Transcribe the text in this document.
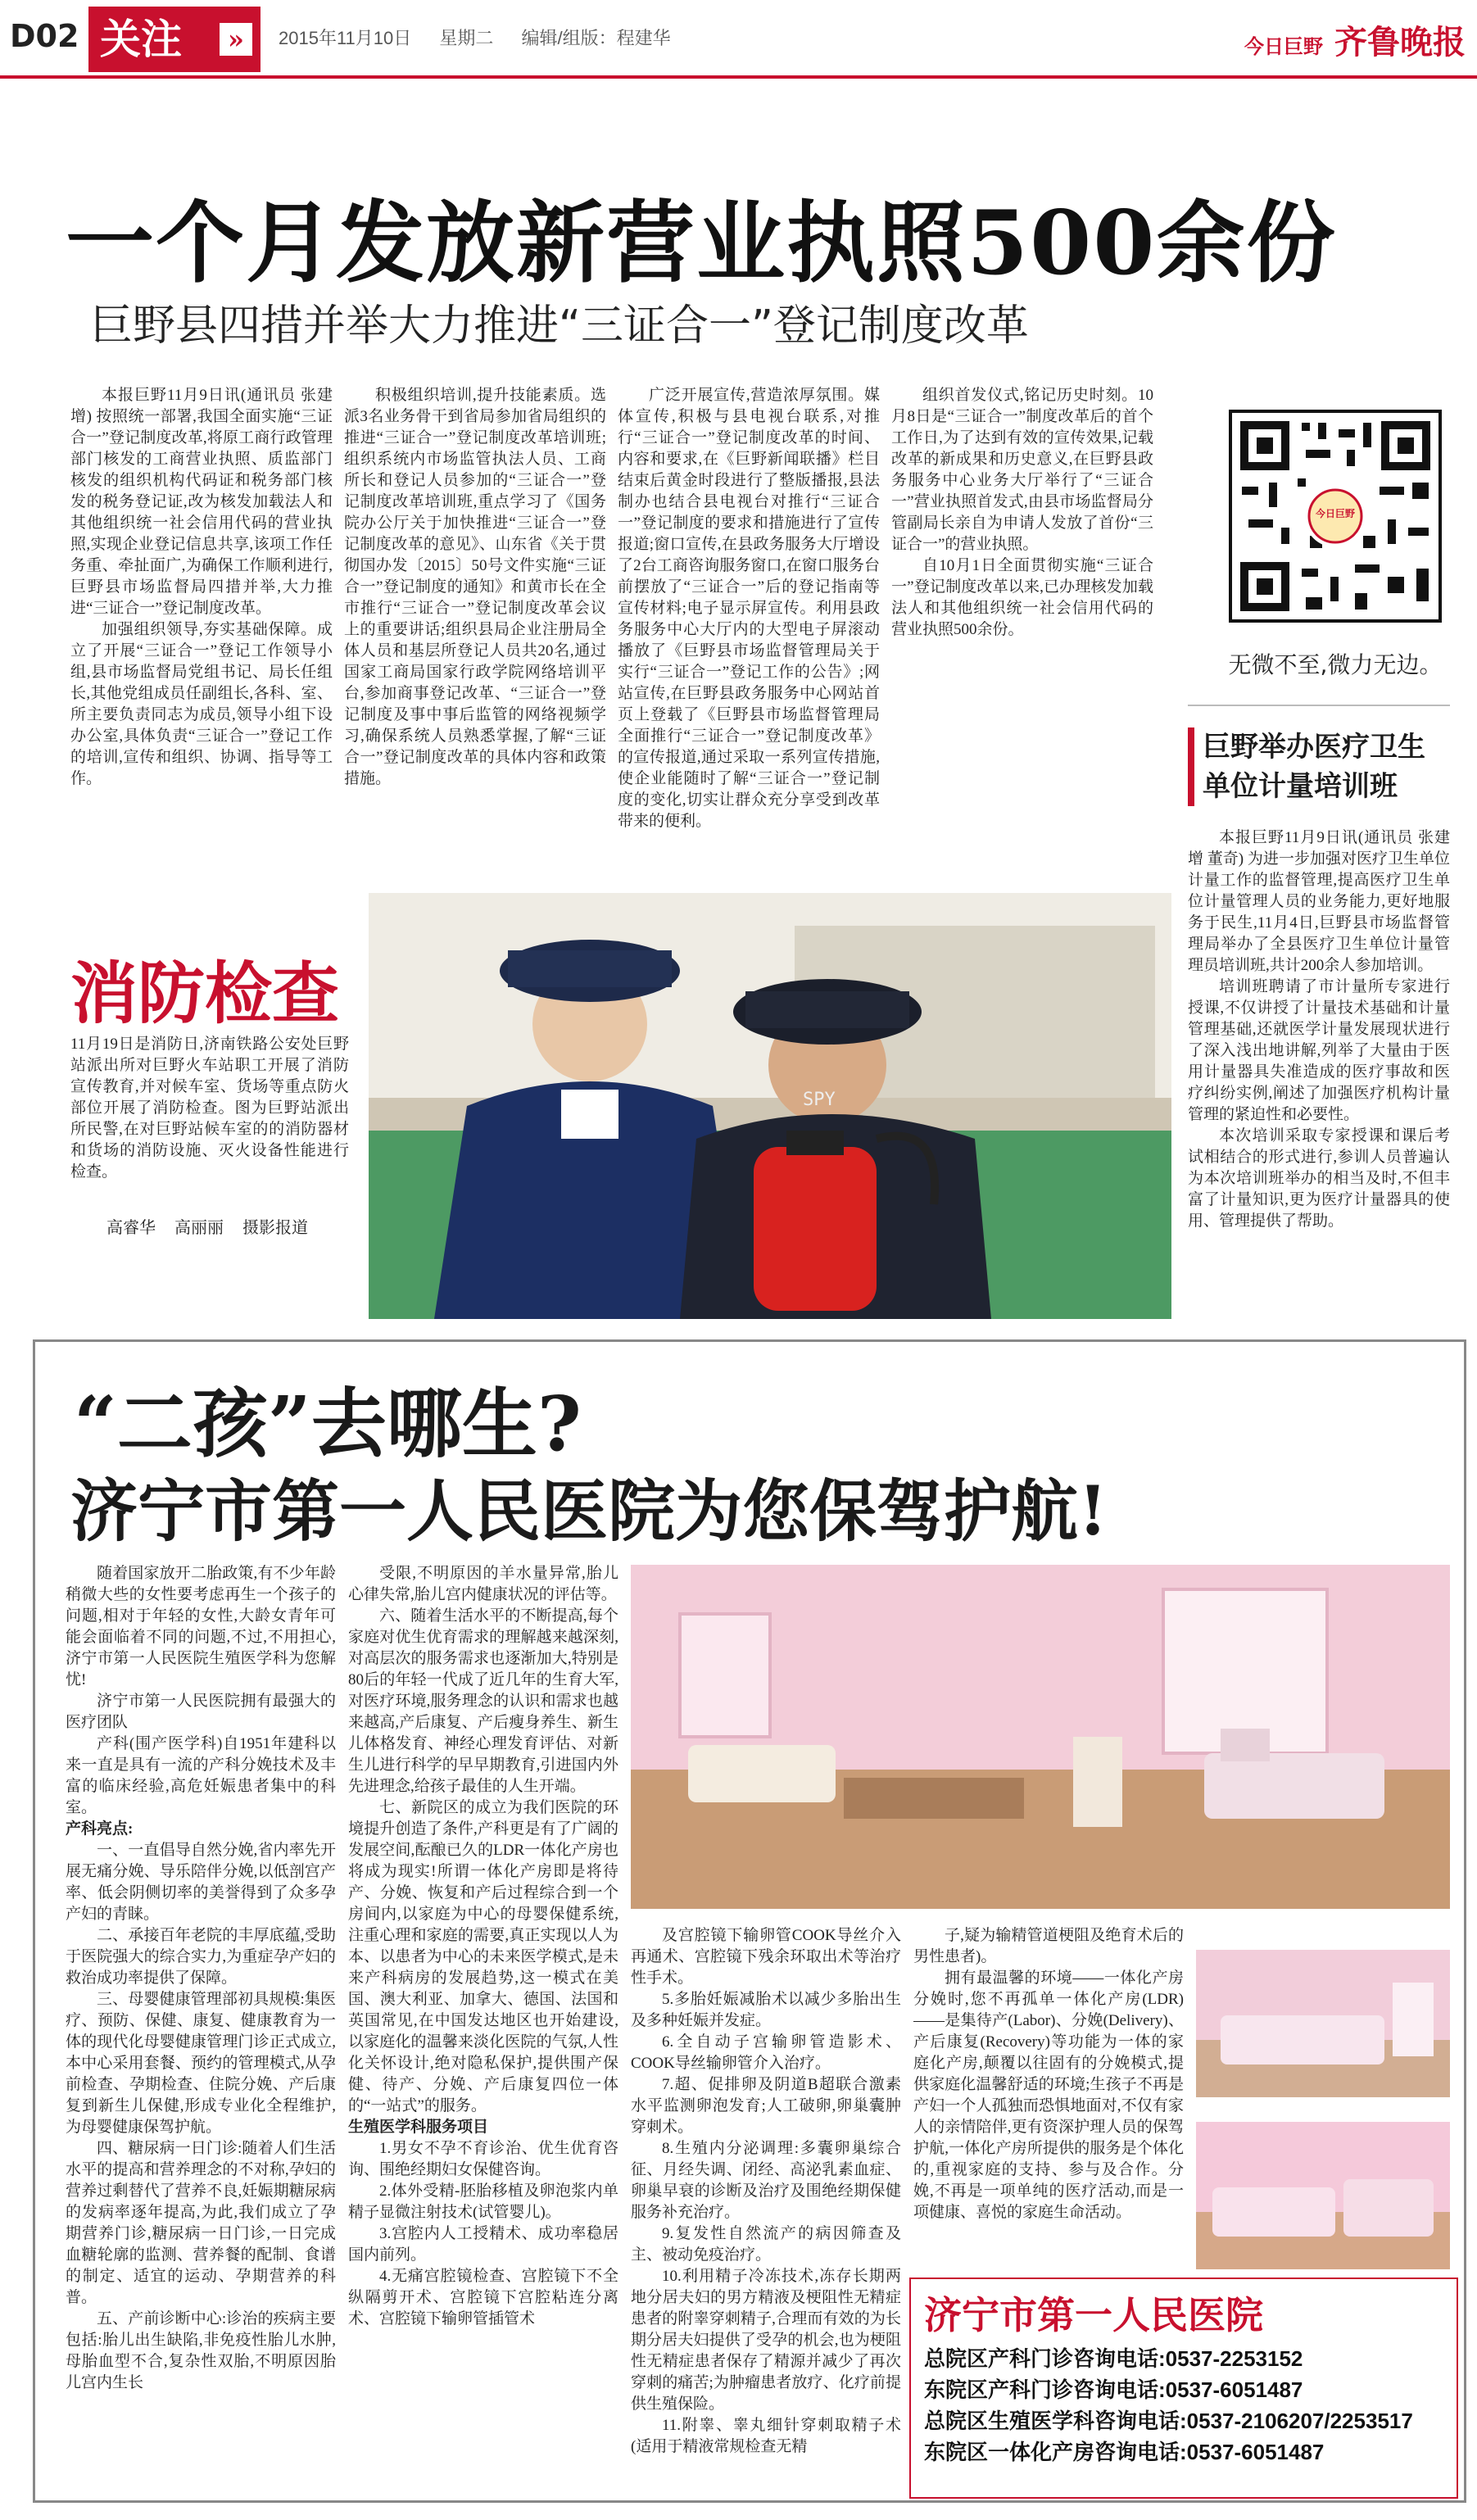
D02 关注	»	2015年11月10日 星期二 编辑/组版：程建华	今日巨野 齐鲁晚报
一个月发放新营业执照500余份
巨野县四措并举大力推进“三证合一”登记制度改革

本报巨野11月9日讯(通讯员 张建增) 按照统一部署,我国全面实施“三证合一”登记制度改革,将原工商行政管理部门核发的工商营业执照、质监部门核发的组织机构代码证和税务部门核发的税务登记证,改为核发加载法人和其他组织统一社会信用代码的营业执照,实现企业登记信息共享,该项工作任务重、牵扯面广,为确保工作顺利进行,巨野县市场监督局四措并举,大力推进“三证合一”登记制度改革。

加强组织领导,夯实基础保障。成立了开展“三证合一”登记工作领导小组,县市场监督局党组书记、局长任组长,其他党组成员任副组长,各科、室、所主要负责同志为成员,领导小组下设办公室,具体负责“三证合一”登记工作的培训,宣传和组织、协调、指导等工作。

积极组织培训,提升技能素质。选派3名业务骨干到省局参加省局组织的推进“三证合一”登记制度改革培训班;组织系统内市场监管执法人员、工商所长和登记人员参加的“三证合一”登记制度改革培训班,重点学习了《国务院办公厅关于加快推进“三证合一”登记制度改革的意见》、山东省《关于贯彻国办发〔2015〕50号文件实施“三证合一”登记制度的通知》和黄市长在全市推行“三证合一”登记制度改革会议上的重要讲话;组织县局企业注册局全体人员和基层所登记人员共20名,通过国家工商局国家行政学院网络培训平台,参加商事登记改革、“三证合一”登记制度及事中事后监管的网络视频学习,确保系统人员熟悉掌握,了解“三证合一”登记制度改革的具体内容和政策措施。

广泛开展宣传,营造浓厚氛围。媒体宣传,积极与县电视台联系,对推行“三证合一”登记制度改革的时间、内容和要求,在《巨野新闻联播》栏目结束后黄金时段进行了整版播报,县法制办也结合县电视台对推行“三证合一”登记制度的要求和措施进行了宣传报道;窗口宣传,在县政务服务大厅增设了2台工商咨询服务窗口,在窗口服务台前摆放了“三证合一”后的登记指南等宣传材料;电子显示屏宣传。利用县政务服务中心大厅内的大型电子屏滚动播放了《巨野县市场监督管理局关于实行“三证合一”登记工作的公告》;网站宣传,在巨野县政务服务中心网站首页上登载了《巨野县市场监督管理局全面推行“三证合一”登记制度改革》的宣传报道,通过采取一系列宣传措施,使企业能随时了解“三证合一”登记制度的变化,切实让群众充分享受到改革带来的便利。

组织首发仪式,铭记历史时刻。10月8日是“三证合一”制度改革后的首个工作日,为了达到有效的宣传效果,记载改革的新成果和历史意义,在巨野县政务服务中心业务大厅举行了“三证合一”营业执照首发式,由县市场监督局分管副局长亲自为申请人发放了首份“三证合一”的营业执照。

自10月1日全面贯彻实施“三证合一”登记制度改革以来,已办理核发加载法人和其他组织统一社会信用代码的营业执照500余份。

今日巨野
无微不至,微力无边。
巨野举办医疗卫生单位计量培训班

本报巨野11月9日讯(通讯员 张建增 董奇) 为进一步加强对医疗卫生单位计量工作的监督管理,提高医疗卫生单位计量管理人员的业务能力,更好地服务于民生,11月4日,巨野县市场监督管理局举办了全县医疗卫生单位计量管理员培训班,共计200余人参加培训。

培训班聘请了市计量所专家进行授课,不仅讲授了计量技术基础和计量管理基础,还就医学计量发展现状进行了深入浅出地讲解,列举了大量由于医用计量器具失准造成的医疗事故和医疗纠纷实例,阐述了加强医疗机构计量管理的紧迫性和必要性。

本次培训采取专家授课和课后考试相结合的形式进行,参训人员普遍认为本次培训班举办的相当及时,不但丰富了计量知识,更为医疗计量器具的使用、管理提供了帮助。

SPY
消防检查
11月19日是消防日,济南铁路公安处巨野站派出所对巨野火车站职工开展了消防宣传教育,并对候车室、货场等重点防火部位开展了消防检查。图为巨野站派出所民警,在对巨野站候车室的的消防器材和货场的消防设施、灭火设备性能进行检查。
高睿华 高丽丽 摄影报道
“二孩”去哪生?
济宁市第一人民医院为您保驾护航!

随着国家放开二胎政策,有不少年龄稍微大些的女性要考虑再生一个孩子的问题,相对于年轻的女性,大龄女青年可能会面临着不同的问题,不过,不用担心,济宁市第一人民医院生殖医学科为您解忧!

济宁市第一人民医院拥有最强大的医疗团队

产科(围产医学科)自1951年建科以来一直是具有一流的产科分娩技术及丰富的临床经验,高危妊娠患者集中的科室。

产科亮点:

一、一直倡导自然分娩,省内率先开展无痛分娩、导乐陪伴分娩,以低剖宫产率、低会阴侧切率的美誉得到了众多孕产妇的青睐。

二、承接百年老院的丰厚底蕴,受助于医院强大的综合实力,为重症孕产妇的救治成功率提供了保障。

三、母婴健康管理部初具规模:集医疗、预防、保健、康复、健康教育为一体的现代化母婴健康管理门诊正式成立,本中心采用套餐、预约的管理模式,从孕前检查、孕期检查、住院分娩、产后康复到新生儿保健,形成专业化全程维护,为母婴健康保驾护航。

四、糖尿病一日门诊:随着人们生活水平的提高和营养理念的不对称,孕妇的营养过剩替代了营养不良,妊娠期糖尿病的发病率逐年提高,为此,我们成立了孕期营养门诊,糖尿病一日门诊,一日完成血糖轮廓的监测、营养餐的配制、食谱的制定、适宜的运动、孕期营养的科普。

五、产前诊断中心:诊治的疾病主要包括:胎儿出生缺陷,非免疫性胎儿水肿,母胎血型不合,复杂性双胎,不明原因胎儿宫内生长

受限,不明原因的羊水量异常,胎儿心律失常,胎儿宫内健康状况的评估等。

六、随着生活水平的不断提高,每个家庭对优生优育需求的理解越来越深刻,对高层次的服务需求也逐渐加大,特别是80后的年轻一代成了近几年的生育大军,对医疗环境,服务理念的认识和需求也越来越高,产后康复、产后瘦身养生、新生儿体格发育、神经心理发育评估、对新生儿进行科学的早早期教育,引进国内外先进理念,给孩子最佳的人生开端。

七、新院区的成立为我们医院的环境提升创造了条件,产科更是有了广阔的发展空间,酝酿已久的LDR一体化产房也将成为现实!所谓一体化产房即是将待产、分娩、恢复和产后过程综合到一个房间内,以家庭为中心的母婴保健系统,注重心理和家庭的需要,真正实现以人为本、以患者为中心的未来医学模式,是未来产科病房的发展趋势,这一模式在美国、澳大利亚、加拿大、德国、法国和英国常见,在中国发达地区也开始建设,以家庭化的温馨来淡化医院的气氛,人性化关怀设计,绝对隐私保护,提供围产保健、待产、分娩、产后康复四位一体的“一站式”的服务。

生殖医学科服务项目

1.男女不孕不育诊治、优生优育咨询、围绝经期妇女保健咨询。

2.体外受精-胚胎移植及卵泡浆内单精子显微注射技术(试管婴儿)。

3.宫腔内人工授精术、成功率稳居国内前列。

4.无痛宫腔镜检查、宫腔镜下不全纵隔剪开术、宫腔镜下宫腔粘连分离术、宫腔镜下输卵管插管术

及宫腔镜下输卵管COOK导丝介入再通术、宫腔镜下残余环取出术等治疗性手术。

5.多胎妊娠减胎术以减少多胎出生及多种妊娠并发症。

6.全自动子宫输卵管造影术、COOK导丝输卵管介入治疗。

7.超、促排卵及阴道B超联合激素水平监测卵泡发育;人工破卵,卵巢囊肿穿刺术。

8.生殖内分泌调理:多囊卵巢综合征、月经失调、闭经、高泌乳素血症、卵巢早衰的诊断及治疗及围绝经期保健服务补充治疗。

9.复发性自然流产的病因筛查及主、被动免疫治疗。

10.利用精子冷冻技术,冻存长期两地分居夫妇的男方精液及梗阻性无精症患者的附睾穿刺精子,合理而有效的为长期分居夫妇提供了受孕的机会,也为梗阻性无精症患者保存了精源并减少了再次穿刺的痛苦;为肿瘤患者放疗、化疗前提供生殖保险。

11.附睾、睾丸细针穿刺取精子术(适用于精液常规检查无精

子,疑为输精管道梗阻及绝育术后的男性患者)。

拥有最温馨的环境——一体化产房分娩时,您不再孤单一体化产房(LDR)——是集待产(Labor)、分娩(Delivery)、产后康复(Recovery)等功能为一体的家庭化产房,颠覆以往固有的分娩模式,提供家庭化温馨舒适的环境;生孩子不再是产妇一个人孤独而恐惧地面对,不仅有家人的亲情陪伴,更有资深护理人员的保驾护航,一体化产房所提供的服务是个体化的,重视家庭的支持、参与及合作。分娩,不再是一项单纯的医疗活动,而是一项健康、喜悦的家庭生命活动。

济宁市第一人民医院
总院区产科门诊咨询电话:0537-2253152
东院区产科门诊咨询电话:0537-6051487
总院区生殖医学科咨询电话:0537-2106207/2253517
东院区一体化产房咨询电话:0537-6051487
